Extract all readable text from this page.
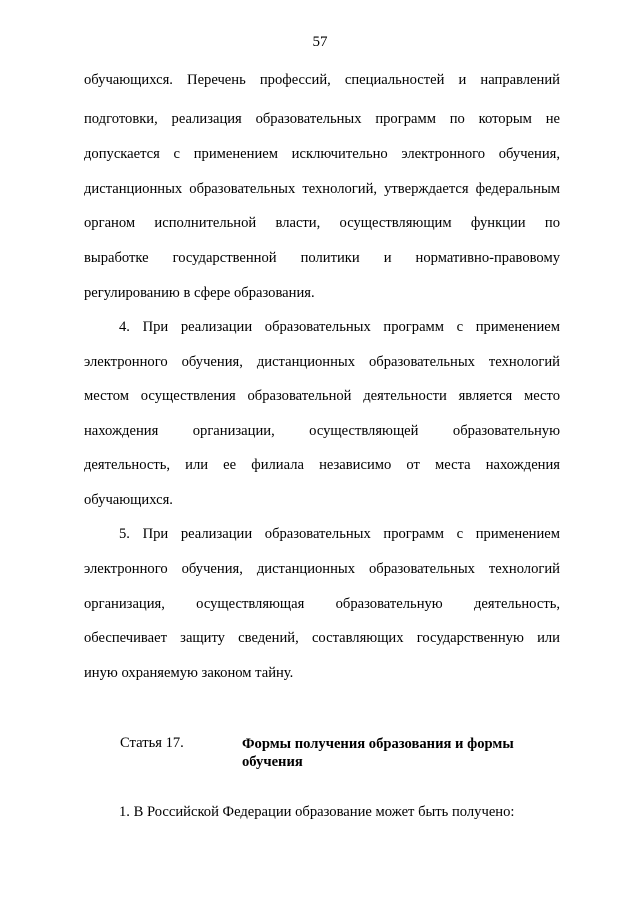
57
обучающихся. Перечень профессий, специальностей и направлений
подготовки, реализация образовательных программ по которым не
допускается с применением исключительно электронного обучения,
дистанционных образовательных технологий, утверждается федеральным
органом исполнительной власти, осуществляющим функции по
выработке государственной политики и нормативно-правовому
регулированию в сфере образования.
4. При реализации образовательных программ с применением
электронного обучения, дистанционных образовательных технологий
местом осуществления образовательной деятельности является место
нахождения организации, осуществляющей образовательную
деятельность, или ее филиала независимо от места нахождения
обучающихся.
5. При реализации образовательных программ с применением
электронного обучения, дистанционных образовательных технологий
организация, осуществляющая образовательную деятельность,
обеспечивает защиту сведений, составляющих государственную или
иную охраняемую законом тайну.
Статья 17.	Формы получения образования и формы
обучения
1. В Российской Федерации образование может быть получено:
